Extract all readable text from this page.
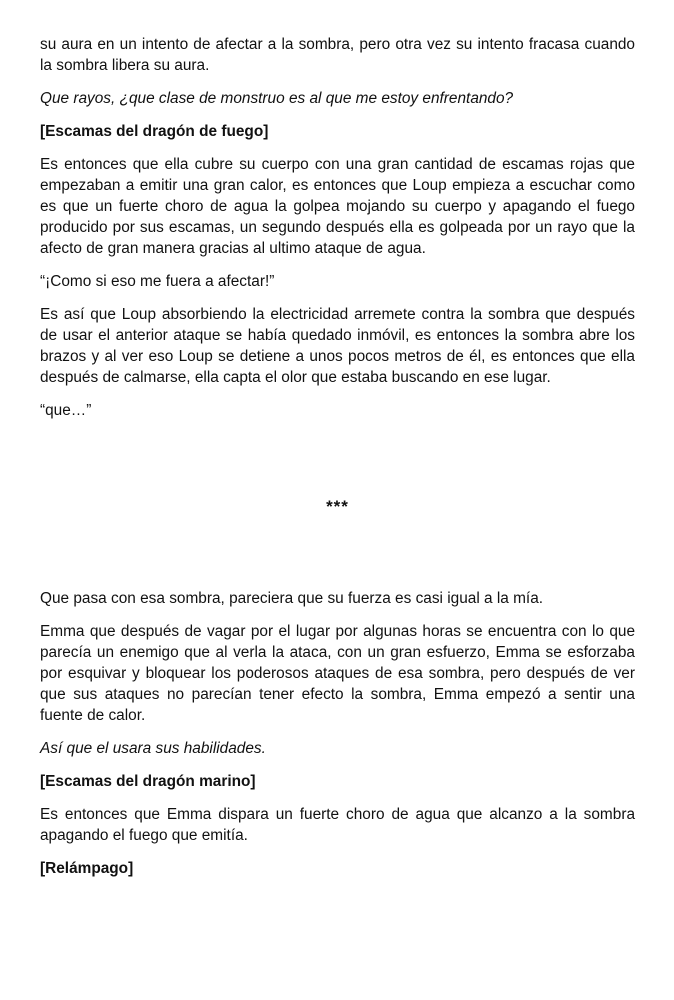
su aura en un intento de afectar a la sombra, pero otra vez su intento fracasa cuando la sombra libera su aura.

Que rayos, ¿que clase de monstruo es al que me estoy enfrentando?

[Escamas del dragón de fuego]

Es entonces que ella cubre su cuerpo con una gran cantidad de escamas rojas que empezaban a emitir una gran calor, es entonces que Loup empieza a escuchar como es que un fuerte choro de agua la golpea mojando su cuerpo y apagando el fuego producido por sus escamas, un segundo después ella es golpeada por un rayo que la afecto de gran manera gracias al ultimo ataque de agua.

“¡Como si eso me fuera a afectar!”

Es así que Loup absorbiendo la electricidad arremete contra la sombra que después de usar el anterior ataque se había quedado inmóvil, es entonces la sombra abre los brazos y al ver eso Loup se detiene a unos pocos metros de él, es entonces que ella después de calmarse, ella capta el olor que estaba buscando en ese lugar.

“que…”

***

Que pasa con esa sombra, pareciera que su fuerza es casi igual a la mía.

Emma que después de vagar por el lugar por algunas horas se encuentra con lo que parecía un enemigo que al verla la ataca, con un gran esfuerzo, Emma se esforzaba por esquivar y bloquear los poderosos ataques de esa sombra, pero después de ver que sus ataques no parecían tener efecto la sombra, Emma empezó a sentir una fuente de calor.

Así que el usara sus habilidades.

[Escamas del dragón marino]

Es entonces que Emma dispara un fuerte choro de agua que alcanzo a la sombra apagando el fuego que emitía.

[Relámpago]
